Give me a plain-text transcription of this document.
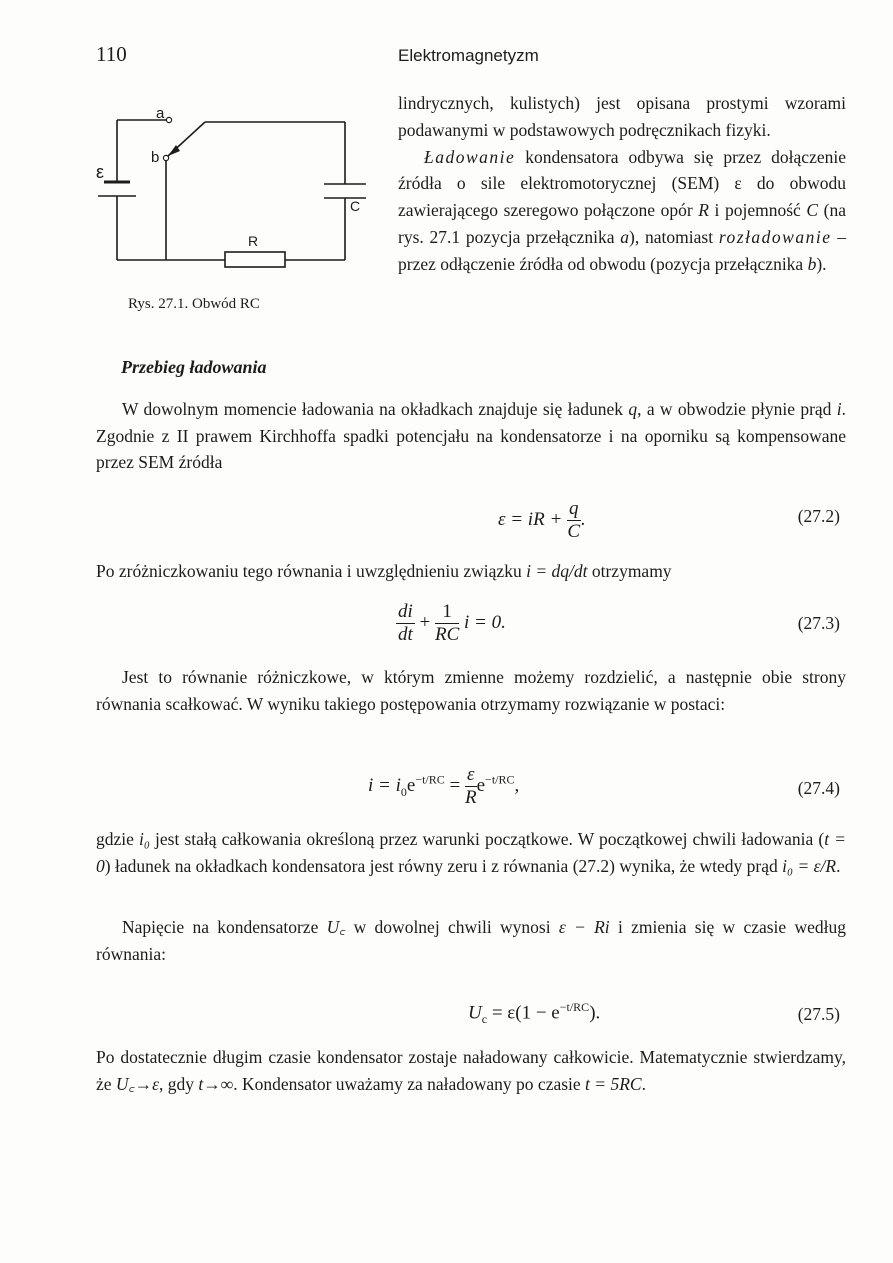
110	Elektromagnetyzm
a
b
ε
C
R
Rys. 27.1. Obwód RC

lindrycznych, kulistych) jest opisana prostymi wzorami podawanymi w podstawowych podręcznikach fizyki.

Ładowanie kondensatora odbywa się przez dołączenie źródła o sile elektromotorycznej (SEM) ε do obwodu zawierającego szeregowo połączone opór R i pojemność C (na rys. 27.1 pozycja przełącznika a), natomiast rozładowanie – przez odłączenie źródła od obwodu (pozycja przełącznika b).

Przebieg ładowania

W dowolnym momencie ładowania na okładkach znajduje się ładunek q, a w obwodzie płynie prąd i. Zgodnie z II prawem Kirchhoffa spadki potencjału na kondensatorze i na oporniku są kompensowane przez SEM źródła

ε = iR + $\frac{q}{C}$ .	(27.2)

Po zróżniczkowaniu tego równania i uwzględnieniu związku i = dq/dt otrzymamy

$\frac{di}{dt} + \frac{1}{RC}$ i = 0.	(27.3)

Jest to równanie różniczkowe, w którym zmienne możemy rozdzielić, a następnie obie strony równania scałkować. W wyniku takiego postępowania otrzymamy rozwiązanie w postaci:

$i = i_0e^{-t/RC} = \frac{\varepsilon}{R} e^{-t/RC}$,	(27.4)

gdzie i₀ jest stałą całkowania określoną przez warunki początkowe. W początkowej chwili ładowania (t = 0) ładunek na okładkach kondensatora jest równy zeru i z równania (27.2) wynika, że wtedy prąd i₀ = ε/R.

Napięcie na kondensatorze U꜀ w dowolnej chwili wynosi ε − Ri i zmienia się w czasie według równania:

$U_c = \varepsilon(1 - e^{-t/RC})$.	(27.5)

Po dostatecznie długim czasie kondensator zostaje naładowany całkowicie. Matematycznie stwierdzamy, że U꜀→ε, gdy t→∞. Kondensator uważamy za naładowany po czasie t = 5RC.
